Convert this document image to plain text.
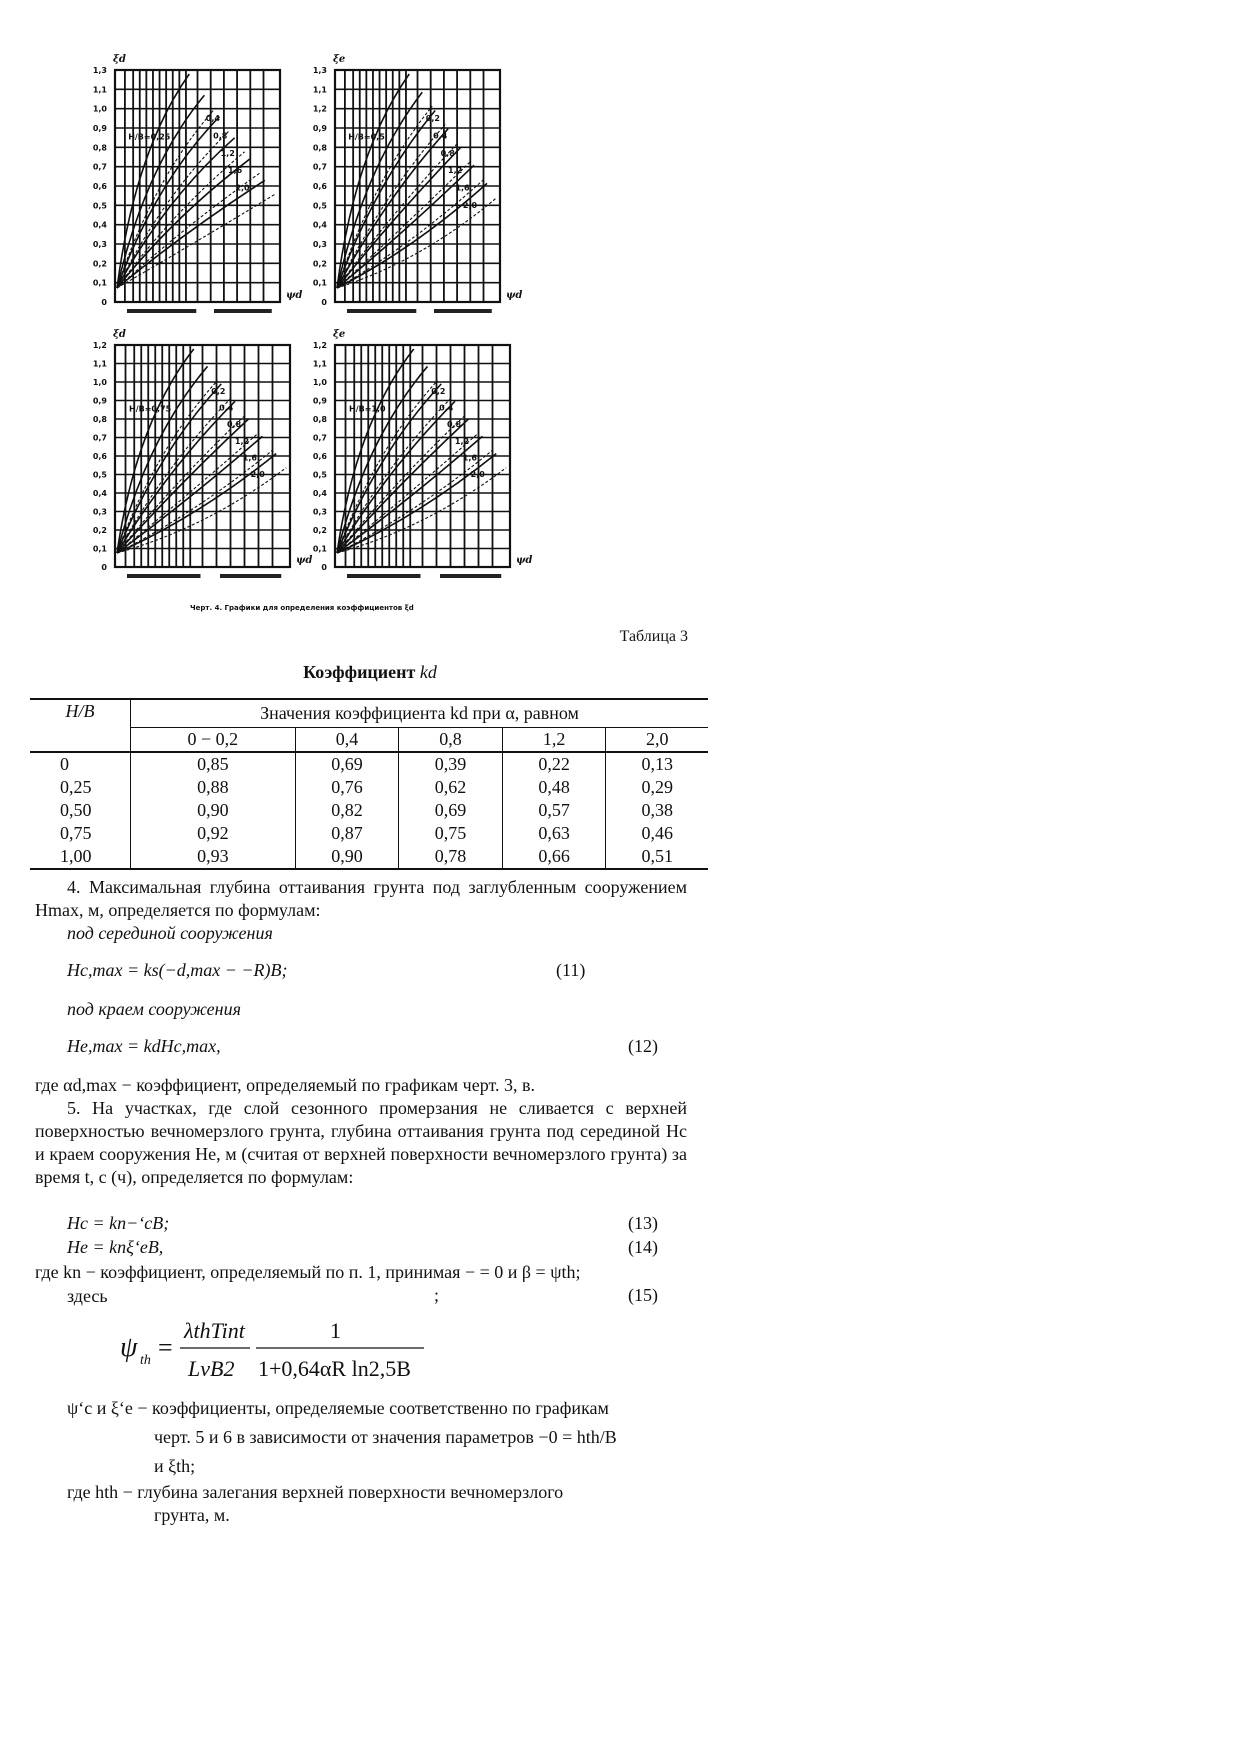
1,3
1,1
1,0
0,9
0,8
0,7
0,6
0,5
0,4
0,3
0,2
0,1
0
ξd
ψd
0,4
0,8
1,2
1,6
2,0
H/B=0,25
1,3
1,1
1,2
0,9
0,8
0,7
0,6
0,5
0,4
0,3
0,2
0,1
0
ξe
ψd
0,2
0,4
0,8
1,2
1,6
2,0
H/B=0,5
1,2
1,1
1,0
0,9
0,8
0,7
0,6
0,5
0,4
0,3
0,2
0,1
0
ξd
ψd
0,2
0,4
0,8
1,2
1,6
2,0
H/B=0,75
1,2
1,1
1,0
0,9
0,8
0,7
0,6
0,5
0,4
0,3
0,2
0,1
0
ξe
ψd
0,2
0,4
0,8
1,2
1,6
2,0
H/B=1,0
Черт. 4. Графики для определения коэффициентов ξd
Таблица 3
Коэффициент kd
H/B	Значения коэффициента kd при α, равном				
	0 − 0,2	0,4	0,8	1,2	2,0
0	0,85	0,69	0,39	0,22	0,13
0,25	0,88	0,76	0,62	0,48	0,29
0,50	0,90	0,82	0,69	0,57	0,38
0,75	0,92	0,87	0,75	0,63	0,46
1,00	0,93	0,90	0,78	0,66	0,51
4. Максимальная глубина оттаивания грунта под заглубленным сооружением Hmax, м, определяется по формулам:
под серединой сооружения
Hc,max = ks(−d,max − −R)B;	(11)
под краем сооружения
He,max = kdHc,max,	(12)
где αd,max − коэффициент, определяемый по графикам черт. 3, в.
5. На участках, где слой сезонного промерзания не сливается с верхней поверхностью вечномерзлого грунта, глубина оттаивания грунта под серединой Hc и краем сооружения He, м (считая от верхней поверхности вечномерзлого грунта) за время t, с (ч), определяется по формулам:
Hc = kn−‘cB;	(13)
He = knξ‘eB,	(14)
где kn − коэффициент, определяемый по п. 1, принимая − = 0 и β = ψth;
здесь	;	(15)
ψ th =
λthTint
LvB2
1
1+0,64αR ln2,5B
ψ‘c и ξ‘e − коэффициенты, определяемые соответственно по графикам
черт. 5 и 6 в зависимости от значения параметров −0 = hth/B
и ξth;
где hth − глубина залегания верхней поверхности вечномерзлого
грунта, м.
